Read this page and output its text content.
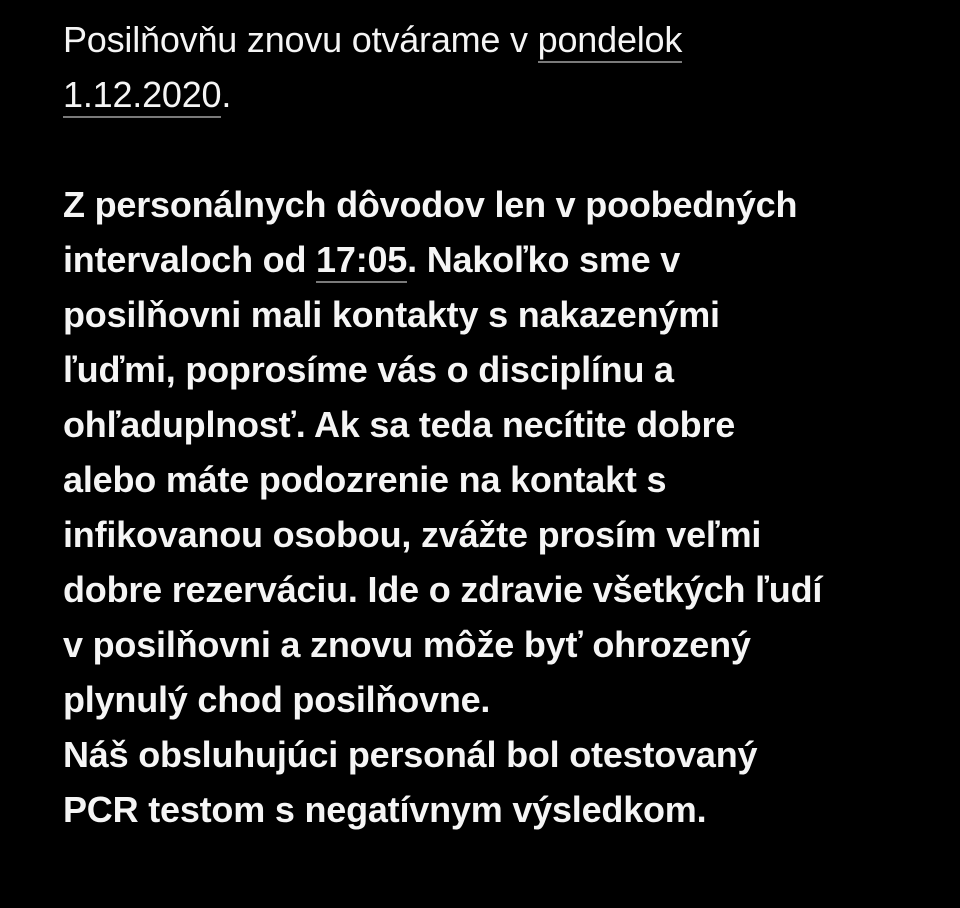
Posilňovňu znovu otvárame v pondelok
1.12.2020.
Z personálnych dôvodov len v poobedných
intervaloch od 17:05. Nakoľko sme v
posilňovni mali kontakty s nakazenými
ľuďmi, poprosíme vás o disciplínu a
ohľaduplnosť. Ak sa teda necítite dobre
alebo máte podozrenie na kontakt s
infikovanou osobou, zvážte prosím veľmi
dobre rezerváciu. Ide o zdravie všetkých ľudí
v posilňovni a znovu môže byť ohrozený
plynulý chod posilňovne.
Náš obsluhujúci personál bol otestovaný
PCR testom s negatívnym výsledkom.
